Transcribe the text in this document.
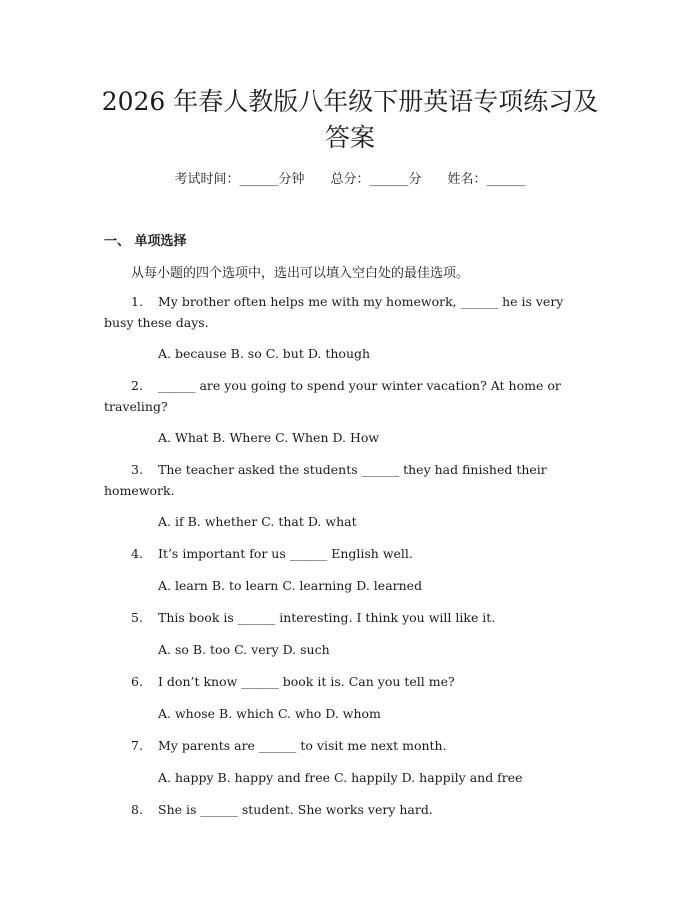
2026 年春人教版八年级下册英语专项练习及
答案
考试时间：______分钟 总分：______分 姓名：______
一、 单项选择
从每小题的四个选项中，选出可以填入空白处的最佳选项。
1. My brother often helps me with my homework, ______ he is very busy these days.
A. because B. so C. but D. though
2. ______ are you going to spend your winter vacation? At home or traveling?
A. What B. Where C. When D. How
3. The teacher asked the students ______ they had finished their homework.
A. if B. whether C. that D. what
4. It’s important for us ______ English well.
A. learn B. to learn C. learning D. learned
5. This book is ______ interesting. I think you will like it.
A. so B. too C. very D. such
6. I don’t know ______ book it is. Can you tell me?
A. whose B. which C. who D. whom
7. My parents are ______ to visit me next month.
A. happy B. happy and free C. happily D. happily and free
8. She is ______ student. She works very hard.
